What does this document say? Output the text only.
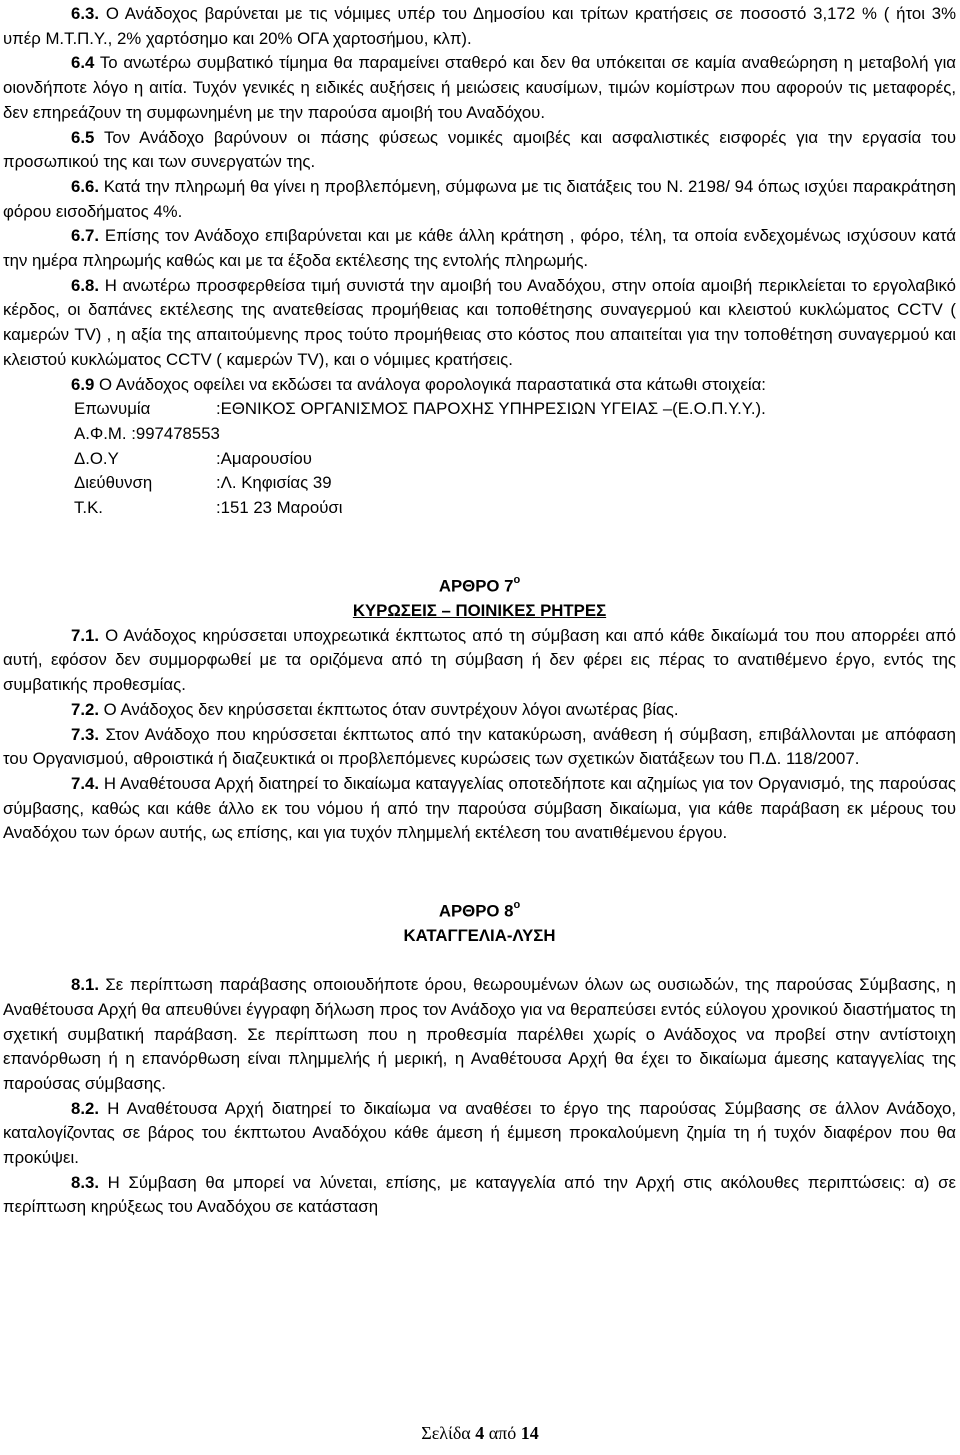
6.3. Ο Ανάδοχος βαρύνεται με τις νόμιμες υπέρ του Δημοσίου και τρίτων κρατήσεις σε ποσοστό 3,172 % ( ήτοι 3% υπέρ Μ.Τ.Π.Υ., 2% χαρτόσημο και 20% ΟΓΑ χαρτοσήμου, κλπ).

6.4 Το ανωτέρω συμβατικό τίμημα θα παραμείνει σταθερό και δεν θα υπόκειται σε καμία αναθεώρηση η μεταβολή για οιονδήποτε λόγο η αιτία. Τυχόν γενικές η ειδικές αυξήσεις ή μειώσεις καυσίμων, τιμών κομίστρων που αφορούν τις μεταφορές, δεν επηρεάζουν τη συμφωνημένη με την παρούσα αμοιβή του Αναδόχου.

6.5 Τον Ανάδοχο βαρύνουν οι πάσης φύσεως νομικές αμοιβές και ασφαλιστικές εισφορές για την εργασία του προσωπικού της και των συνεργατών της.

6.6. Κατά την πληρωμή θα γίνει η προβλεπόμενη, σύμφωνα με τις διατάξεις του Ν. 2198/ 94 όπως ισχύει παρακράτηση φόρου εισοδήματος 4%.

6.7. Επίσης τον Ανάδοχο επιβαρύνεται και με κάθε άλλη κράτηση , φόρο, τέλη, τα οποία ενδεχομένως ισχύσουν κατά την ημέρα πληρωμής καθώς και με τα έξοδα εκτέλεσης της εντολής πληρωμής.

6.8. Η ανωτέρω προσφερθείσα τιμή συνιστά την αμοιβή του Αναδόχου, στην οποία αμοιβή περικλείεται το εργολαβικό κέρδος, οι δαπάνες εκτέλεσης της ανατεθείσας προμήθειας και τοποθέτησης συναγερμού και κλειστού κυκλώματος CCTV ( καμερών TV) , η αξία της απαιτούμενης προς τούτο προμήθειας στο κόστος που απαιτείται για την τοποθέτηση συναγερμού και κλειστού κυκλώματος CCTV ( καμερών TV), και ο νόμιμες κρατήσεις.

6.9 Ο Ανάδοχος οφείλει να εκδώσει τα ανάλογα φορολογικά παραστατικά στα κάτωθι στοιχεία:

Επωνυμία	:ΕΘΝΙΚΟΣ ΟΡΓΑΝΙΣΜΟΣ ΠΑΡΟΧΗΣ ΥΠΗΡΕΣΙΩΝ ΥΓΕΙΑΣ –(Ε.Ο.Π.Υ.Υ.).
Α.Φ.Μ. :997478553
Δ.Ο.Υ	:Αμαρουσίου
Διεύθυνση	:Λ. Κηφισίας 39
Τ.Κ.	:151 23 Μαρούσι
ΑΡΘΡΟ $7^o$
ΚΥΡΩΣΕΙΣ – ΠΟΙΝΙΚΕΣ ΡΗΤΡΕΣ

7.1. Ο Ανάδοχος κηρύσσεται υποχρεωτικά έκπτωτος από τη σύμβαση και από κάθε δικαίωμά του που απορρέει από αυτή, εφόσον δεν συμμορφωθεί με τα οριζόμενα από τη σύμβαση ή δεν φέρει εις πέρας το ανατιθέμενο έργο, εντός της συμβατικής προθεσμίας.

7.2. Ο Ανάδοχος δεν κηρύσσεται έκπτωτος όταν συντρέχουν λόγοι ανωτέρας βίας.

7.3. Στον Ανάδοχο που κηρύσσεται έκπτωτος από την κατακύρωση, ανάθεση ή σύμβαση, επιβάλλονται με απόφαση του Οργανισμού, αθροιστικά ή διαζευκτικά οι προβλεπόμενες κυρώσεις των σχετικών διατάξεων του Π.Δ. 118/2007.

7.4. Η Αναθέτουσα Αρχή διατηρεί το δικαίωμα καταγγελίας οποτεδήποτε και αζημίως για τον Οργανισμό, της παρούσας σύμβασης, καθώς και κάθε άλλο εκ του νόμου ή από την παρούσα σύμβαση δικαίωμα, για κάθε παράβαση εκ μέρους του Αναδόχου των όρων αυτής, ως επίσης, και για τυχόν πλημμελή εκτέλεση του ανατιθέμενου έργου.

ΑΡΘΡΟ $8^o$
ΚΑΤΑΓΓΕΛΙΑ-ΛΥΣΗ

8.1. Σε περίπτωση παράβασης οποιουδήποτε όρου, θεωρουμένων όλων ως ουσιωδών, της παρούσας Σύμβασης, η Αναθέτουσα Αρχή θα απευθύνει έγγραφη δήλωση προς τον Ανάδοχο για να θεραπεύσει εντός εύλογου χρονικού διαστήματος τη σχετική συμβατική παράβαση. Σε περίπτωση που η προθεσμία παρέλθει χωρίς ο Ανάδοχος να προβεί στην αντίστοιχη επανόρθωση ή η επανόρθωση είναι πλημμελής ή μερική, η Αναθέτουσα Αρχή θα έχει το δικαίωμα άμεσης καταγγελίας της παρούσας σύμβασης.

8.2. Η Αναθέτουσα Αρχή διατηρεί το δικαίωμα να αναθέσει το έργο της παρούσας Σύμβασης σε άλλον Ανάδοχο, καταλογίζοντας σε βάρος του έκπτωτου Αναδόχου κάθε άμεση ή έμμεση προκαλούμενη ζημία τη ή τυχόν διαφέρον που θα προκύψει.

8.3. Η Σύμβαση θα μπορεί να λύνεται, επίσης, με καταγγελία από την Αρχή στις ακόλουθες περιπτώσεις: α) σε περίπτωση κηρύξεως του Αναδόχου σε κατάσταση

Σελίδα 4 από 14
